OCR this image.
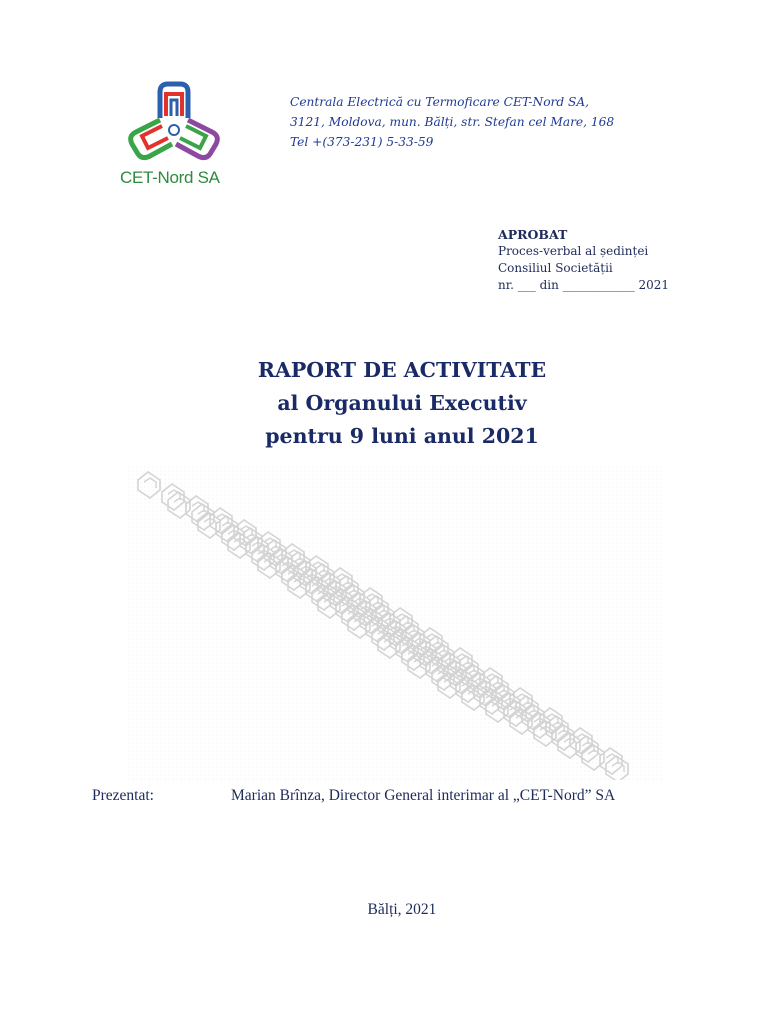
CET-Nord SA
Centrala Electrică cu Termoficare CET-Nord SA,
3121, Moldova, mun. Bălți, str. Stefan cel Mare, 168
Tel +(373-231) 5-33-59
APROBAT
Proces-verbal al ședinței
Consiliul Societății
nr. ___ din ____________ 2021
RAPORT DE ACTIVITATE
al Organului Executiv
pentru 9 luni anul 2021
Prezentat:	Marian Brînza, Director General interimar al „CET-Nord” SA
Bălți, 2021
